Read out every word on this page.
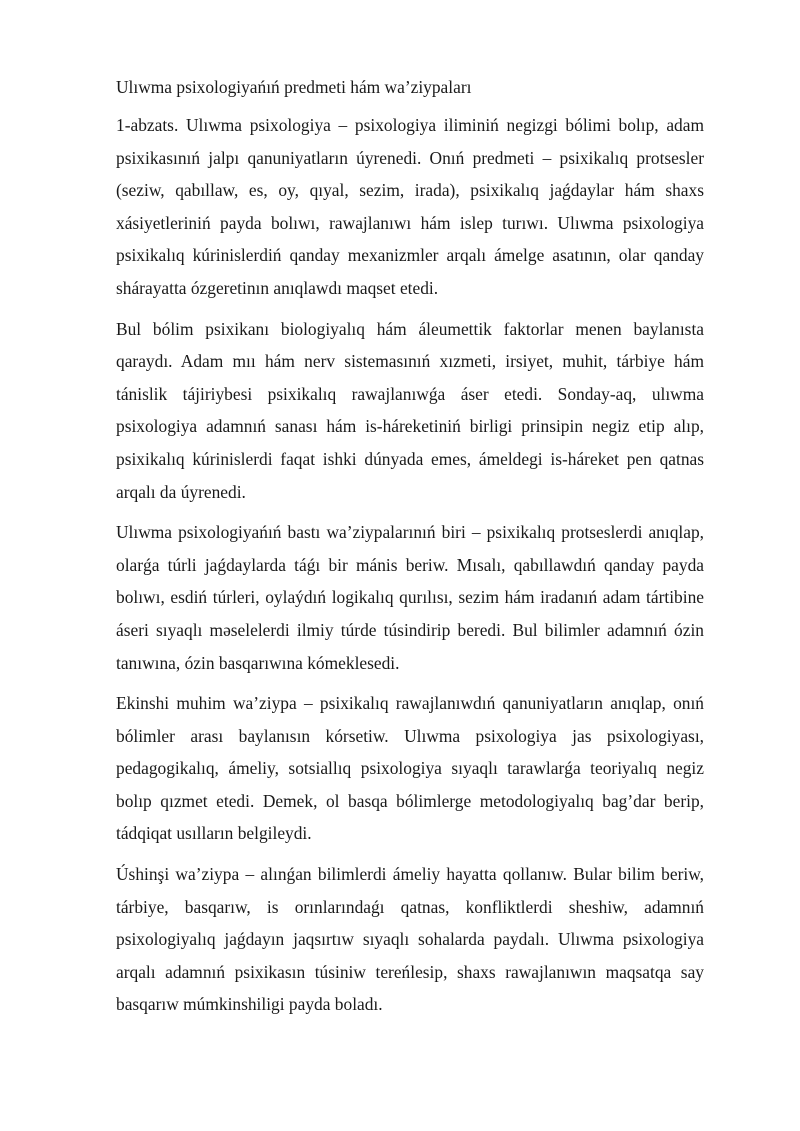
Ulıwma psixologiyańıń predmeti hám wa’ziypaları

1-abzats. Ulıwma psixologiya – psixologiya iliminiń negizgi bólimi bolıp, adam psixikasınıń jalpı qanuniyatların úyrenedi. Onıń predmeti – psixikalıq protsesler (seziw, qabıllaw, es, oy, qıyal, sezim, irada), psixikalıq jaǵdaylar hám shaxs xásiyetleriniń payda bolıwı, rawajlanıwı hám islep turıwı. Ulıwma psixologiya psixikalıq kúrinislerdiń qanday mexanizmler arqalı ámelge asatının, olar qanday shárayatta ózgeretinın anıqlawdı maqset etedi.

Bul bólim psixikanı biologiyalıq hám áleumettik faktorlar menen baylanısta qaraydı. Adam mıı hám nerv sistemasınıń xızmeti, irsiyet, muhit, tárbiye hám tánislik tájiriybesi psixikalıq rawajlanıwǵa áser etedi. Sonday-aq, ulıwma psixologiya adamnıń sanası hám is-háreketiniń birligi prinsipin negiz etip alıp, psixikalıq kúrinislerdi faqat ishki dúnyada emes, ámeldegi is-háreket pen qatnas arqalı da úyrenedi.

Ulıwma psixologiyańıń bastı wa’ziypalarınıń biri – psixikalıq protseslerdi anıqlap, olarǵa túrli jaǵdaylarda táǵı bir mánis beriw. Mısalı, qabıllawdıń qanday payda bolıwı, esdiń túrleri, oylaýdıń logikalıq qurılısı, sezim hám iradanıń adam tártibine áseri sıyaqlı məselelerdi ilmiy túrde túsindirip beredi. Bul bilimler adamnıń ózin tanıwına, ózin basqarıwına kómeklesedi.

Ekinshi muhim wa’ziypa – psixikalıq rawajlanıwdıń qanuniyatların anıqlap, onıń bólimler arası baylanısın kórsetiw. Ulıwma psixologiya jas psixologiyası, pedagogikalıq, ámeliy, sotsiallıq psixologiya sıyaqlı tarawlarǵa teoriyalıq negiz bolıp qızmet etedi. Demek, ol basqa bólimlerge metodologiyalıq bag’dar berip, tádqiqat usılların belgileydi.

Úshinşi wa’ziypa – alınǵan bilimlerdi ámeliy hayatta qollanıw. Bular bilim beriw, tárbiye, basqarıw, is orınlarındaǵı qatnas, konfliktlerdi sheshiw, adamnıń psixologiyalıq jaǵdayın jaqsırtıw sıyaqlı sohalarda paydalı. Ulıwma psixologiya arqalı adamnıń psixikasın túsiniw tereńlesip, shaxs rawajlanıwın maqsatqa say basqarıw múmkinshiligi payda boladı.
